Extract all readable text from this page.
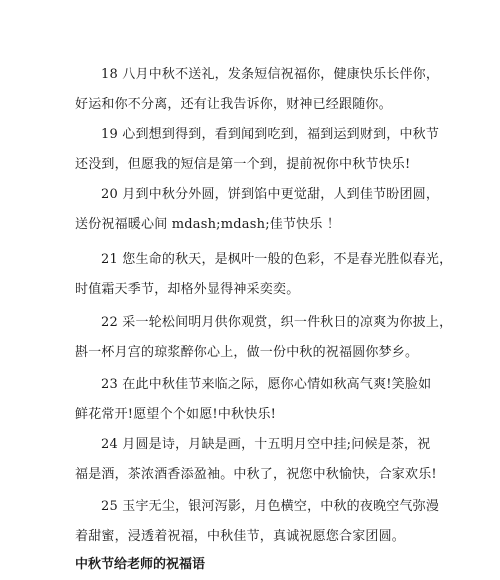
18 八月中秋不送礼，发条短信祝福你，健康快乐长伴你，
好运和你不分离，还有让我告诉你，财神已经跟随你。
19 心到想到得到，看到闻到吃到，福到运到财到，中秋节
还没到，但愿我的短信是第一个到，提前祝你中秋节快乐!
20 月到中秋分外圆，饼到馅中更觉甜，人到佳节盼团圆，
送份祝福暖心间 mdash;mdash;佳节快乐 ！
21 您生命的秋天，是枫叶一般的色彩，不是春光胜似春光，
时值霜天季节，却格外显得神采奕奕。
22 采一轮松间明月供你观赏，织一件秋日的凉爽为你披上，
斟一杯月宫的琼浆醉你心上，做一份中秋的祝福圆你梦乡。
23 在此中秋佳节来临之际，愿你心情如秋高气爽!笑脸如
鲜花常开!愿望个个如愿!中秋快乐!
24 月圆是诗，月缺是画，十五明月空中挂;问候是茶，祝
福是酒，茶浓酒香添盈袖。中秋了，祝您中秋愉快，合家欢乐!
25 玉宇无尘，银河泻影，月色横空，中秋的夜晚空气弥漫
着甜蜜，浸透着祝福，中秋佳节，真诚祝愿您合家团圆。
中秋节给老师的祝福语
